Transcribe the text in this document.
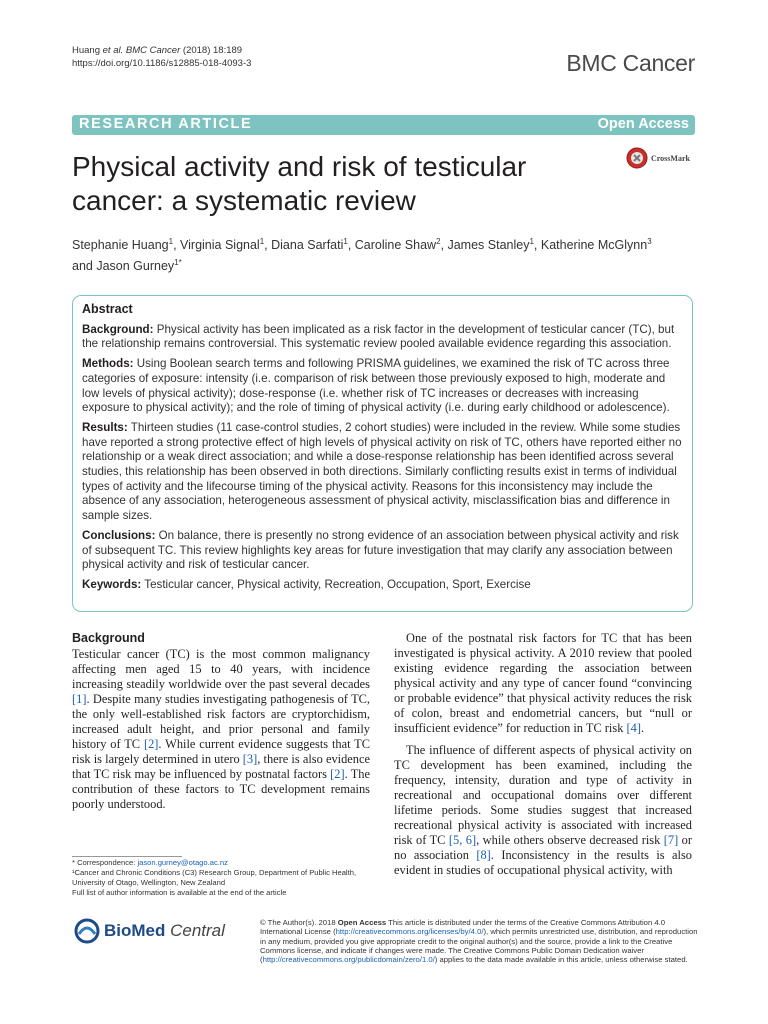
Huang et al. BMC Cancer (2018) 18:189
https://doi.org/10.1186/s12885-018-4093-3	BMC Cancer
RESEARCH ARTICLE	Open Access
Physical activity and risk of testicular cancer: a systematic review
CrossMark
Stephanie Huang$^1$, Virginia Signal$^1$, Diana Sarfati$^1$, Caroline Shaw$^2$, James Stanley$^1$, Katherine McGlynn$^3$
and Jason Gurney$^{1*}$
Abstract

Background: Physical activity has been implicated as a risk factor in the development of testicular cancer (TC), but the relationship remains controversial. This systematic review pooled available evidence regarding this association.

Methods: Using Boolean search terms and following PRISMA guidelines, we examined the risk of TC across three categories of exposure: intensity (i.e. comparison of risk between those previously exposed to high, moderate and low levels of physical activity); dose-response (i.e. whether risk of TC increases or decreases with increasing exposure to physical activity); and the role of timing of physical activity (i.e. during early childhood or adolescence).

Results: Thirteen studies (11 case-control studies, 2 cohort studies) were included in the review. While some studies have reported a strong protective effect of high levels of physical activity on risk of TC, others have reported either no relationship or a weak direct association; and while a dose-response relationship has been identified across several studies, this relationship has been observed in both directions. Similarly conflicting results exist in terms of individual types of activity and the lifecourse timing of the physical activity. Reasons for this inconsistency may include the absence of any association, heterogeneous assessment of physical activity, misclassification bias and difference in sample sizes.

Conclusions: On balance, there is presently no strong evidence of an association between physical activity and risk of subsequent TC. This review highlights key areas for future investigation that may clarify any association between physical activity and risk of testicular cancer.

Keywords: Testicular cancer, Physical activity, Recreation, Occupation, Sport, Exercise

Background

Testicular cancer (TC) is the most common malignancy affecting men aged 15 to 40 years, with incidence increasing steadily worldwide over the past several decades [1]. Despite many studies investigating pathogenesis of TC, the only well-established risk factors are cryptorchidism, increased adult height, and prior personal and family history of TC [2]. While current evidence suggests that TC risk is largely determined in utero [3], there is also evidence that TC risk may be influenced by postnatal factors [2]. The contribution of these factors to TC development remains poorly understood.

One of the postnatal risk factors for TC that has been investigated is physical activity. A 2010 review that pooled existing evidence regarding the association between physical activity and any type of cancer found “convincing or probable evidence” that physical activity reduces the risk of colon, breast and endometrial cancers, but “null or insufficient evidence” for reduction in TC risk [4].

The influence of different aspects of physical activity on TC development has been examined, including the frequency, intensity, duration and type of activity in recreational and occupational domains over different lifetime periods. Some studies suggest that increased recreational physical activity is associated with increased risk of TC [5, 6], while others observe decreased risk [7] or no association [8]. Inconsistency in the results is also evident in studies of occupational physical activity, with

* Correspondence: jason.gurney@otago.ac.nz
¹Cancer and Chronic Conditions (C3) Research Group, Department of Public Health, University of Otago, Wellington, New Zealand
Full list of author information is available at the end of the article
BioMed Central	© The Author(s). 2018 Open Access This article is distributed under the terms of the Creative Commons Attribution 4.0 International License (http://creativecommons.org/licenses/by/4.0/), which permits unrestricted use, distribution, and reproduction in any medium, provided you give appropriate credit to the original author(s) and the source, provide a link to the Creative Commons license, and indicate if changes were made. The Creative Commons Public Domain Dedication waiver (http://creativecommons.org/publicdomain/zero/1.0/) applies to the data made available in this article, unless otherwise stated.
